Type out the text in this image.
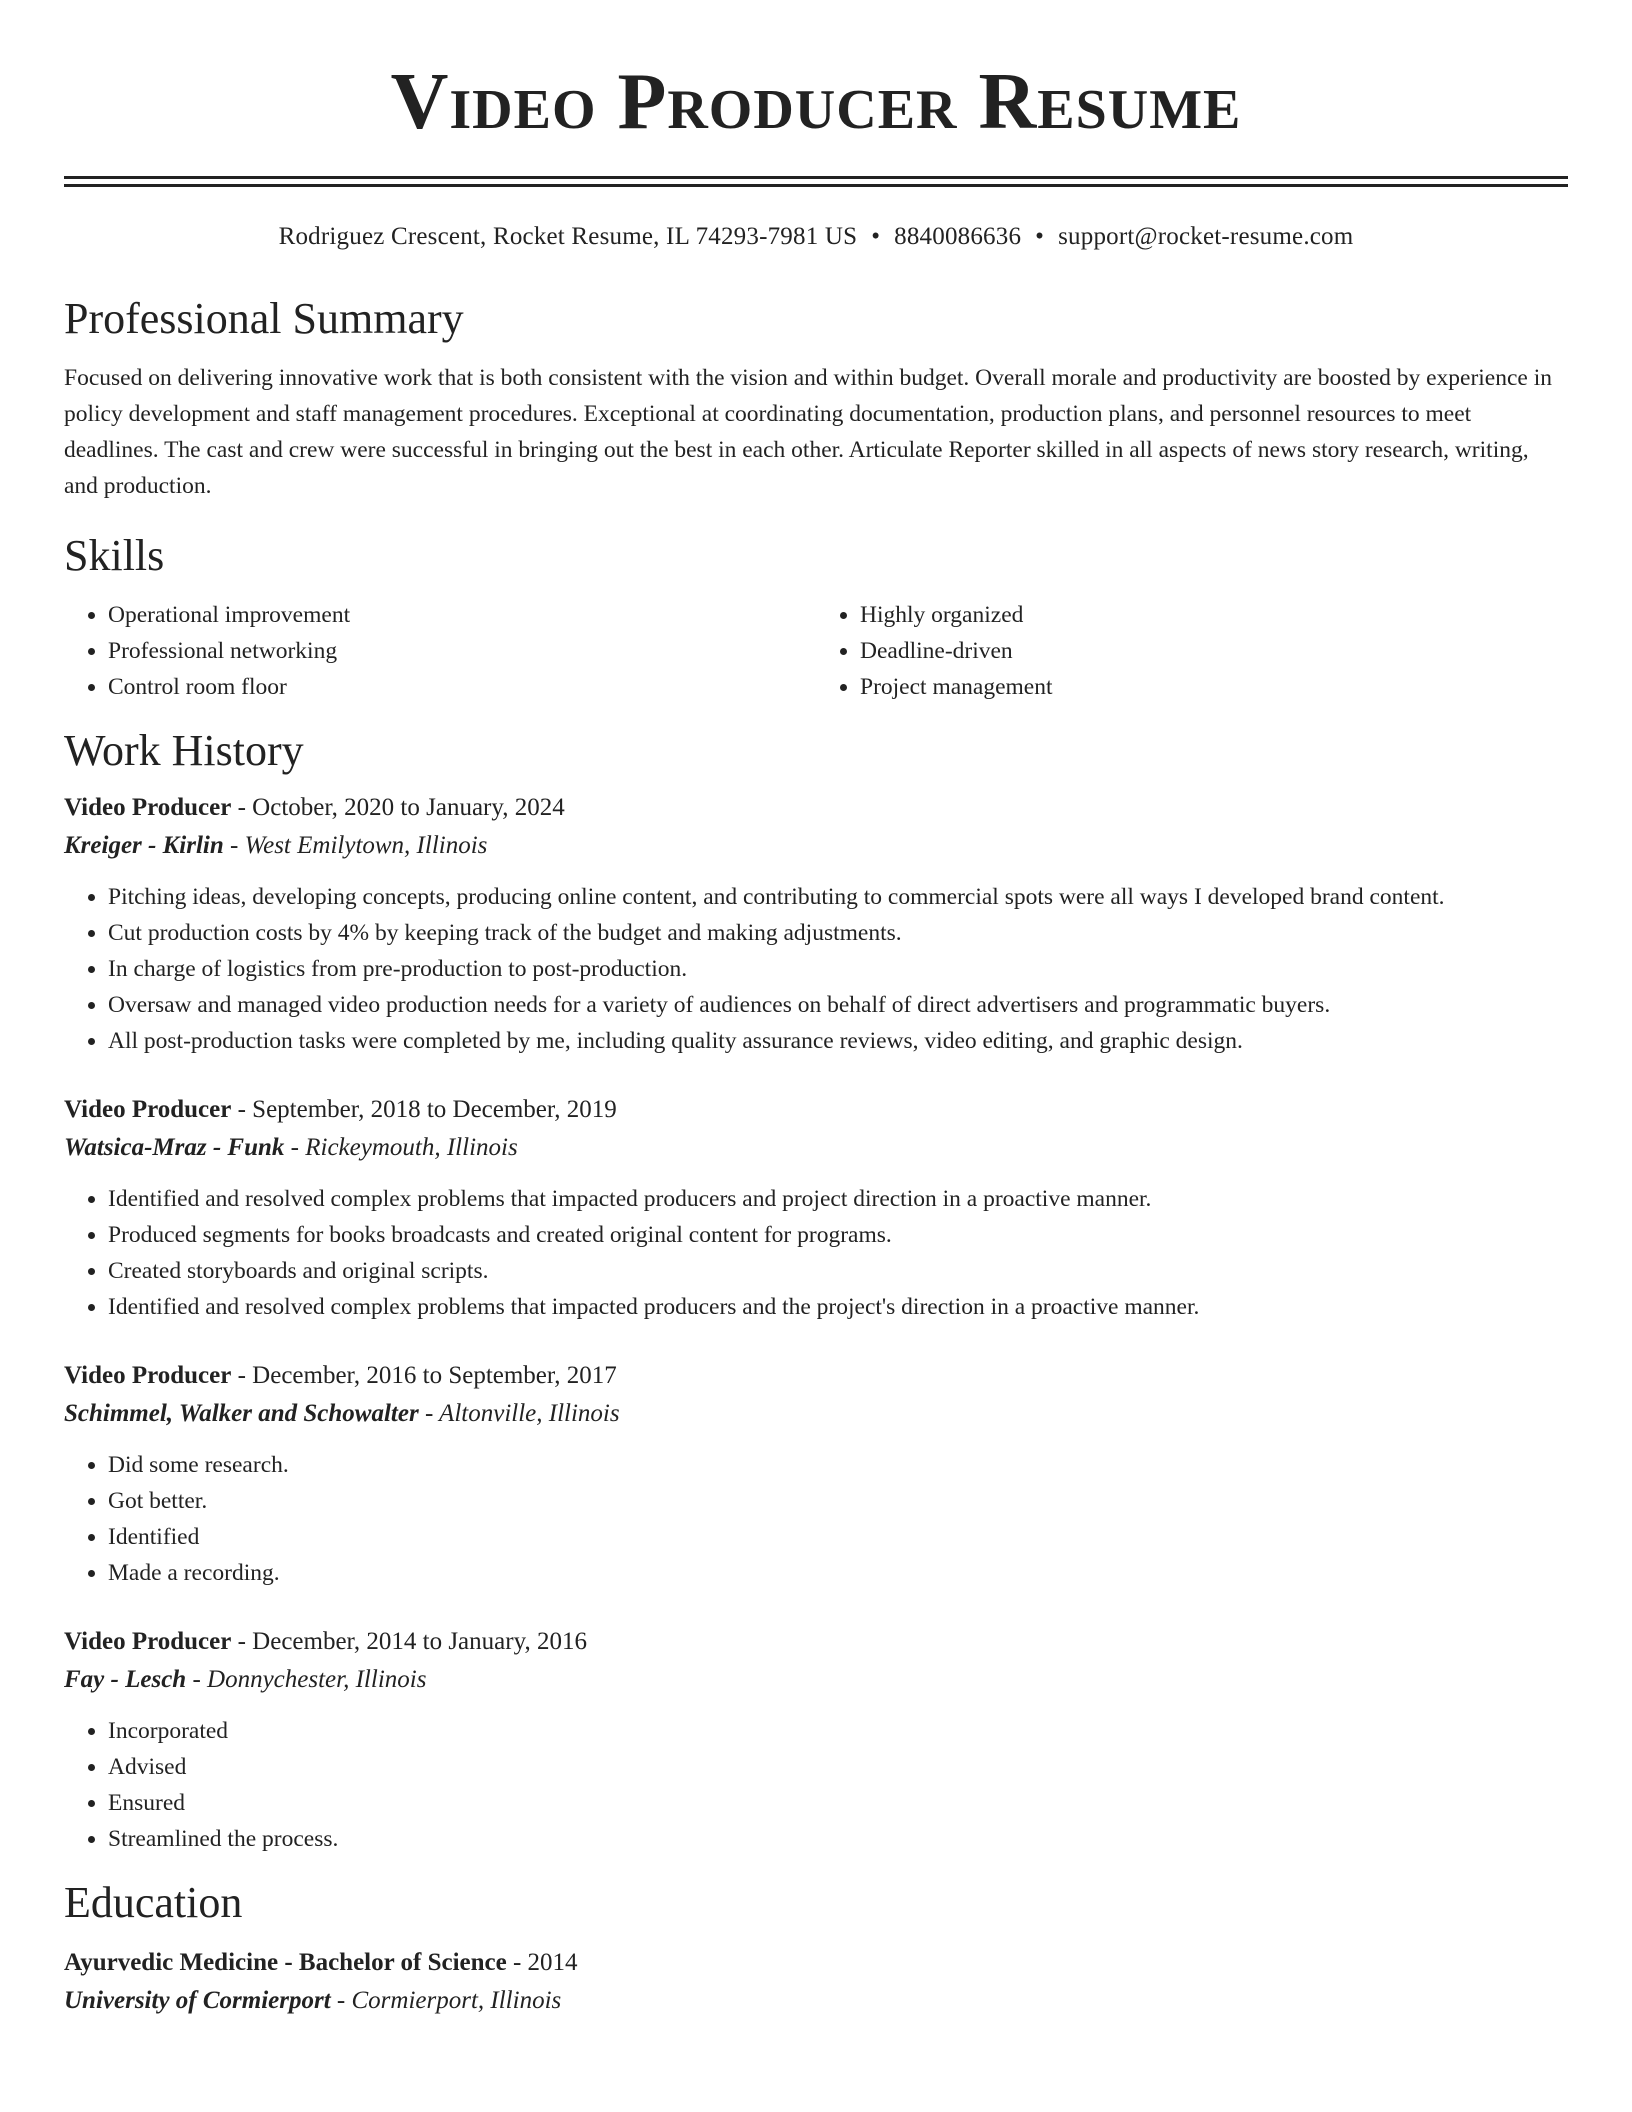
Video Producer Resume
Rodriguez Crescent, Rocket Resume, IL 74293-7981 US • 8840086636 • support@rocket-resume.com
Professional Summary

Focused on delivering innovative work that is both consistent with the vision and within budget. Overall morale and productivity are boosted by experience in policy development and staff management procedures. Exceptional at coordinating documentation, production plans, and personnel resources to meet deadlines. The cast and crew were successful in bringing out the best in each other. Articulate Reporter skilled in all aspects of news story research, writing, and production.

Skills
• Operational improvement
• Professional networking
• Control room floor
• Highly organized
• Deadline-driven
• Project management
Work History
Video Producer - October, 2020 to January, 2024
Kreiger - Kirlin - West Emilytown, Illinois
• Pitching ideas, developing concepts, producing online content, and contributing to commercial spots were all ways I developed brand content.
• Cut production costs by 4% by keeping track of the budget and making adjustments.
• In charge of logistics from pre-production to post-production.
• Oversaw and managed video production needs for a variety of audiences on behalf of direct advertisers and programmatic buyers.
• All post-production tasks were completed by me, including quality assurance reviews, video editing, and graphic design.
Video Producer - September, 2018 to December, 2019
Watsica-Mraz - Funk - Rickeymouth, Illinois
• Identified and resolved complex problems that impacted producers and project direction in a proactive manner.
• Produced segments for books broadcasts and created original content for programs.
• Created storyboards and original scripts.
• Identified and resolved complex problems that impacted producers and the project's direction in a proactive manner.
Video Producer - December, 2016 to September, 2017
Schimmel, Walker and Schowalter - Altonville, Illinois
• Did some research.
• Got better.
• Identified
• Made a recording.
Video Producer - December, 2014 to January, 2016
Fay - Lesch - Donnychester, Illinois
• Incorporated
• Advised
• Ensured
• Streamlined the process.
Education
Ayurvedic Medicine - Bachelor of Science - 2014
University of Cormierport - Cormierport, Illinois
